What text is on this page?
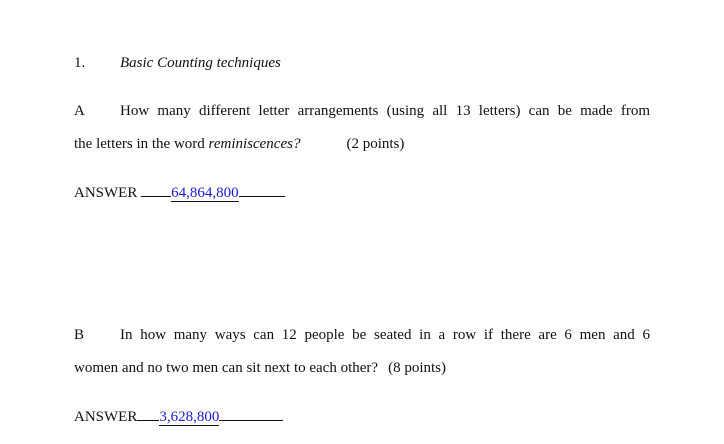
1. Basic Counting techniques
A How many different letter arrangements (using all 13 letters) can be made from
the letters in the word reminiscences?	(2 points)
ANSWER 64,864,800
B In how many ways can 12 people be seated in a row if there are 6 men and 6
women and no two men can sit next to each other? (8 points)
ANSWER 3,628,800
